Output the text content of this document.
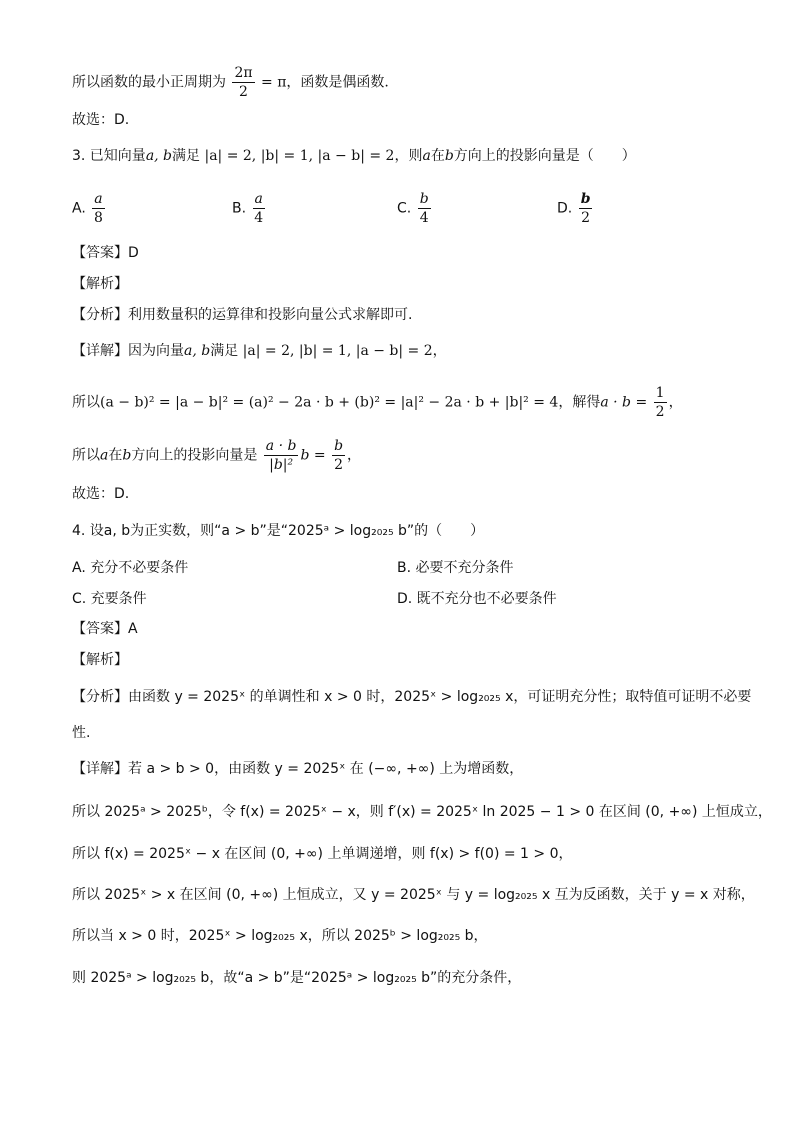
所以函数的最小正周期为 $\frac{2\pi}{2} = \pi$，函数是偶函数.
故选：D.
3. 已知向量a, b满足 |a| = 2, |b| = 1, |a − b| = 2，则a在b方向上的投影向量是（　　）
A. $\frac{a}{8}$	B. $\frac{a}{4}$	C. $\frac{b}{4}$	D. $\frac{b}{2}$
【答案】D
【解析】
【分析】利用数量积的运算律和投影向量公式求解即可.
【详解】因为向量a, b满足 |a| = 2, |b| = 1, |a − b| = 2，
所以(a − b)² = |a − b|² = (a)² − 2a · b + (b)² = |a|² − 2a · b + |b|² = 4，解得$a \cdot b = \frac{1}{2}$ ，
所以a在b方向上的投影向量是 $\frac{a \cdot b}{\text{|b|²}}$ $b = \frac{b}{2}$ ，
故选：D.
4. 设a, b为正实数，则“a > b”是“2025ᵃ > log₂₀₂₅ b”的（　　）
A. 充分不必要条件	B. 必要不充分条件
C. 充要条件	D. 既不充分也不必要条件
【答案】A
【解析】
【分析】由函数 y = 2025ˣ 的单调性和 x > 0 时，2025ˣ > log₂₀₂₅ x，可证明充分性；取特值可证明不必要
性.
【详解】若 a > b > 0，由函数 y = 2025ˣ 在 (−∞, +∞) 上为增函数，
所以 2025ᵃ > 2025ᵇ，令 f(x) = 2025ˣ − x，则 f′(x) = 2025ˣ ln 2025 − 1 > 0 在区间 (0, +∞) 上恒成立，
所以 f(x) = 2025ˣ − x 在区间 (0, +∞) 上单调递增，则 f(x) > f(0) = 1 > 0，
所以 2025ˣ > x 在区间 (0, +∞) 上恒成立，又 y = 2025ˣ 与 y = log₂₀₂₅ x 互为反函数，关于 y = x 对称，
所以当 x > 0 时，2025ˣ > log₂₀₂₅ x，所以 2025ᵇ > log₂₀₂₅ b，
则 2025ᵃ > log₂₀₂₅ b，故“a > b”是“2025ᵃ > log₂₀₂₅ b”的充分条件，
